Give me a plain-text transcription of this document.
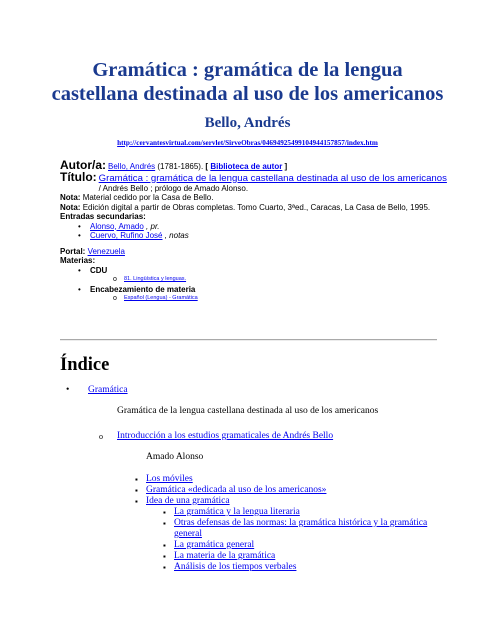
Gramática : gramática de la lengua
castellana destinada al uso de los americanos
Bello, Andrés
http://cervantesvirtual.com/servlet/SirveObras/04694925499104944157857/index.htm
Autor/a: Bello, Andrés
(1781-1865).
[ Biblioteca de autor ]
Título: Gramática : gramática de la lengua castellana destinada al uso de los americanos
/ Andrés Bello ; prólogo de Amado Alonso.
Nota: Material cedido por la Casa de Bello.
Nota: Edición digital a partir de Obras completas. Tomo Cuarto, 3ªed., Caracas, La Casa de Bello, 1995.
Entradas secundarias:
• Alonso, Amado , pr.
• Cuervo, Rufino José , notas
Portal: Venezuela
Materias:
• CDU
o 81. Lingüística y lenguas.
• Encabezamiento de materia
o Español (Lengua) - Gramática
Índice
• Gramática
Gramática de la lengua castellana destinada al uso de los americanos
o Introducción a los estudios gramaticales de Andrés Bello
Amado Alonso
▪ Los móviles
▪ Gramática «dedicada al uso de los americanos»
▪ Idea de una gramática
▪ La gramática y la lengua literaria
▪ Otras defensas de las normas: la gramática histórica y la gramática general
▪ La gramática general
▪ La materia de la gramática
▪ Análisis de los tiempos verbales
